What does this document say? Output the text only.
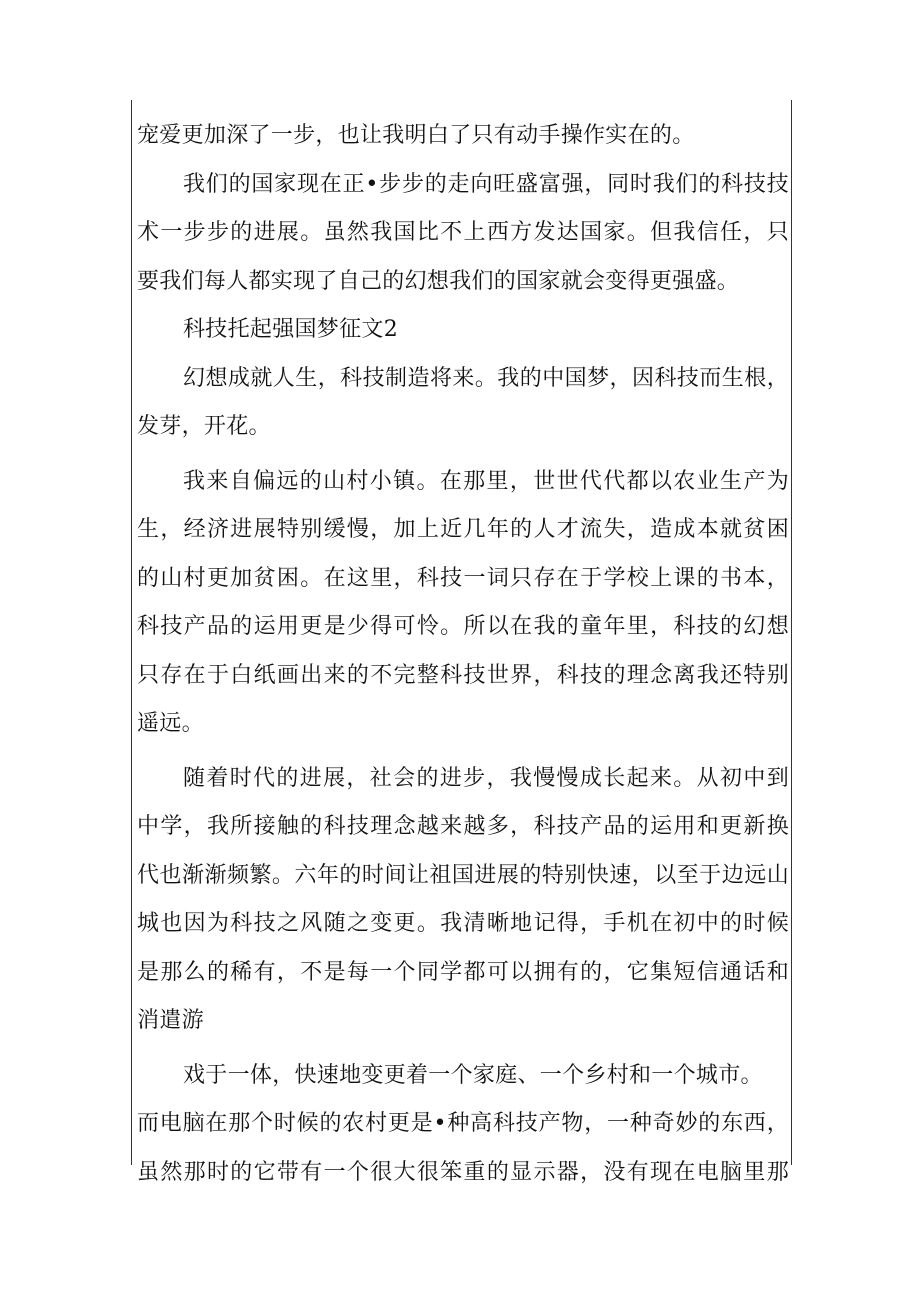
宠爱更加深了一步，也让我明白了只有动手操作实在的。
我们的国家现在正•步步的走向旺盛富强，同时我们的科技技
术一步步的进展。虽然我国比不上西方发达国家。但我信任，只
要我们每人都实现了自己的幻想我们的国家就会变得更强盛。
科技托起强国梦征文2
幻想成就人生，科技制造将来。我的中国梦，因科技而生根，
发芽，开花。
我来自偏远的山村小镇。在那里，世世代代都以农业生产为
生，经济进展特别缓慢，加上近几年的人才流失，造成本就贫困
的山村更加贫困。在这里，科技一词只存在于学校上课的书本，
科技产品的运用更是少得可怜。所以在我的童年里，科技的幻想
只存在于白纸画出来的不完整科技世界，科技的理念离我还特别
遥远。
随着时代的进展，社会的进步，我慢慢成长起来。从初中到
中学，我所接触的科技理念越来越多，科技产品的运用和更新换
代也渐渐频繁。六年的时间让祖国进展的特别快速，以至于边远山
城也因为科技之风随之变更。我清晰地记得，手机在初中的时候
是那么的稀有，不是每一个同学都可以拥有的，它集短信通话和
消遣游
戏于一体，快速地变更着一个家庭、一个乡村和一个城市。
而电脑在那个时候的农村更是•种高科技产物，一种奇妙的东西，
虽然那时的它带有一个很大很笨重的显示器，没有现在电脑里那
